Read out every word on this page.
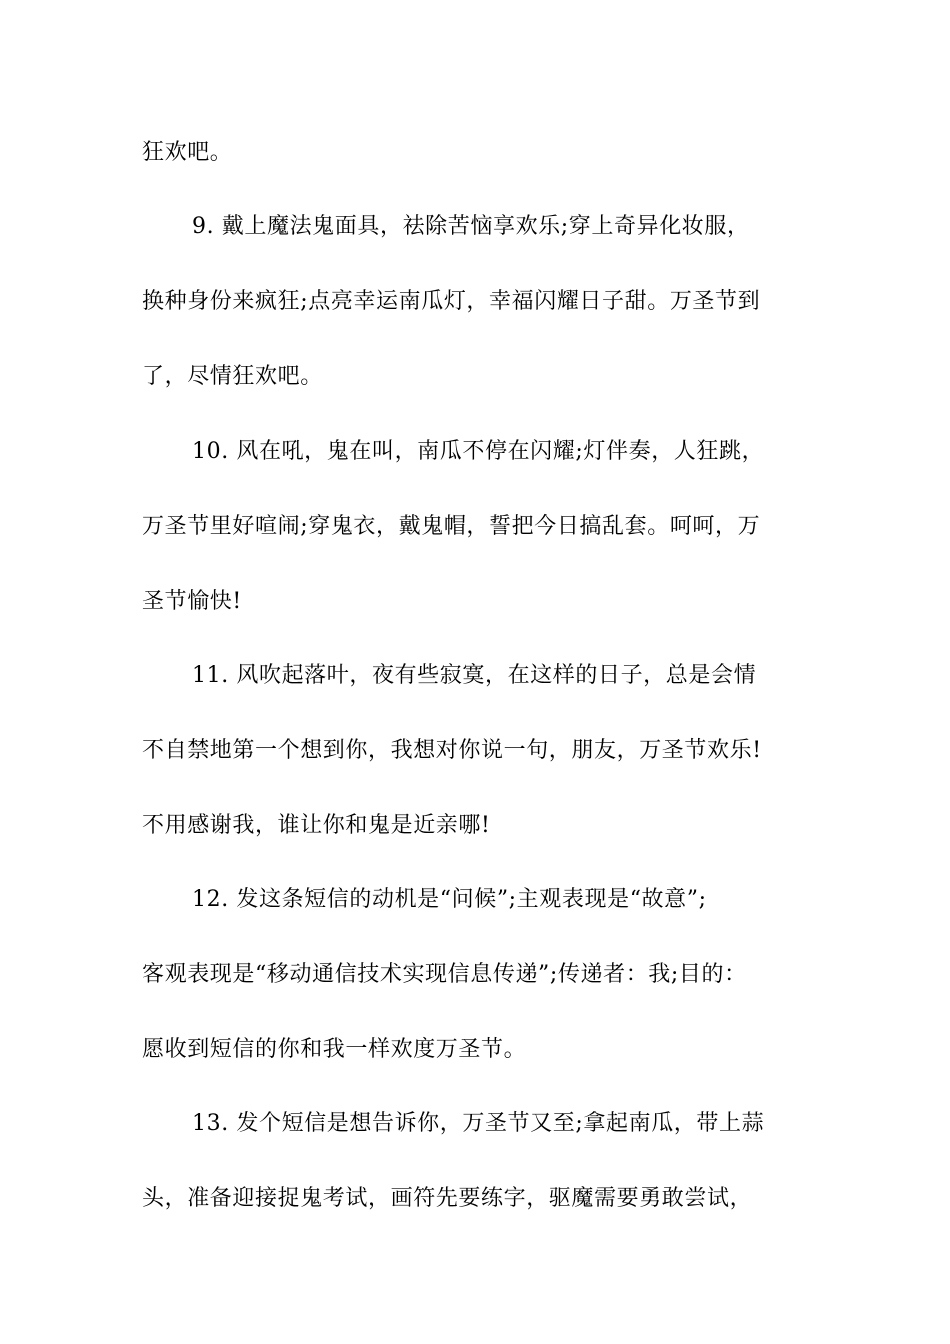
狂欢吧。
9. 戴上魔法鬼面具，祛除苦恼享欢乐;穿上奇异化妆服，
换种身份来疯狂;点亮幸运南瓜灯，幸福闪耀日子甜。万圣节到
了，尽情狂欢吧。
10. 风在吼，鬼在叫，南瓜不停在闪耀;灯伴奏，人狂跳，
万圣节里好喧闹;穿鬼衣，戴鬼帽，誓把今日搞乱套。呵呵，万
圣节愉快!
11. 风吹起落叶，夜有些寂寞，在这样的日子，总是会情
不自禁地第一个想到你，我想对你说一句，朋友，万圣节欢乐!
不用感谢我，谁让你和鬼是近亲哪!
12. 发这条短信的动机是“问候”;主观表现是“故意”;
客观表现是“移动通信技术实现信息传递”;传递者：我;目的：
愿收到短信的你和我一样欢度万圣节。
13. 发个短信是想告诉你，万圣节又至;拿起南瓜，带上蒜
头，准备迎接捉鬼考试，画符先要练字，驱魔需要勇敢尝试，
